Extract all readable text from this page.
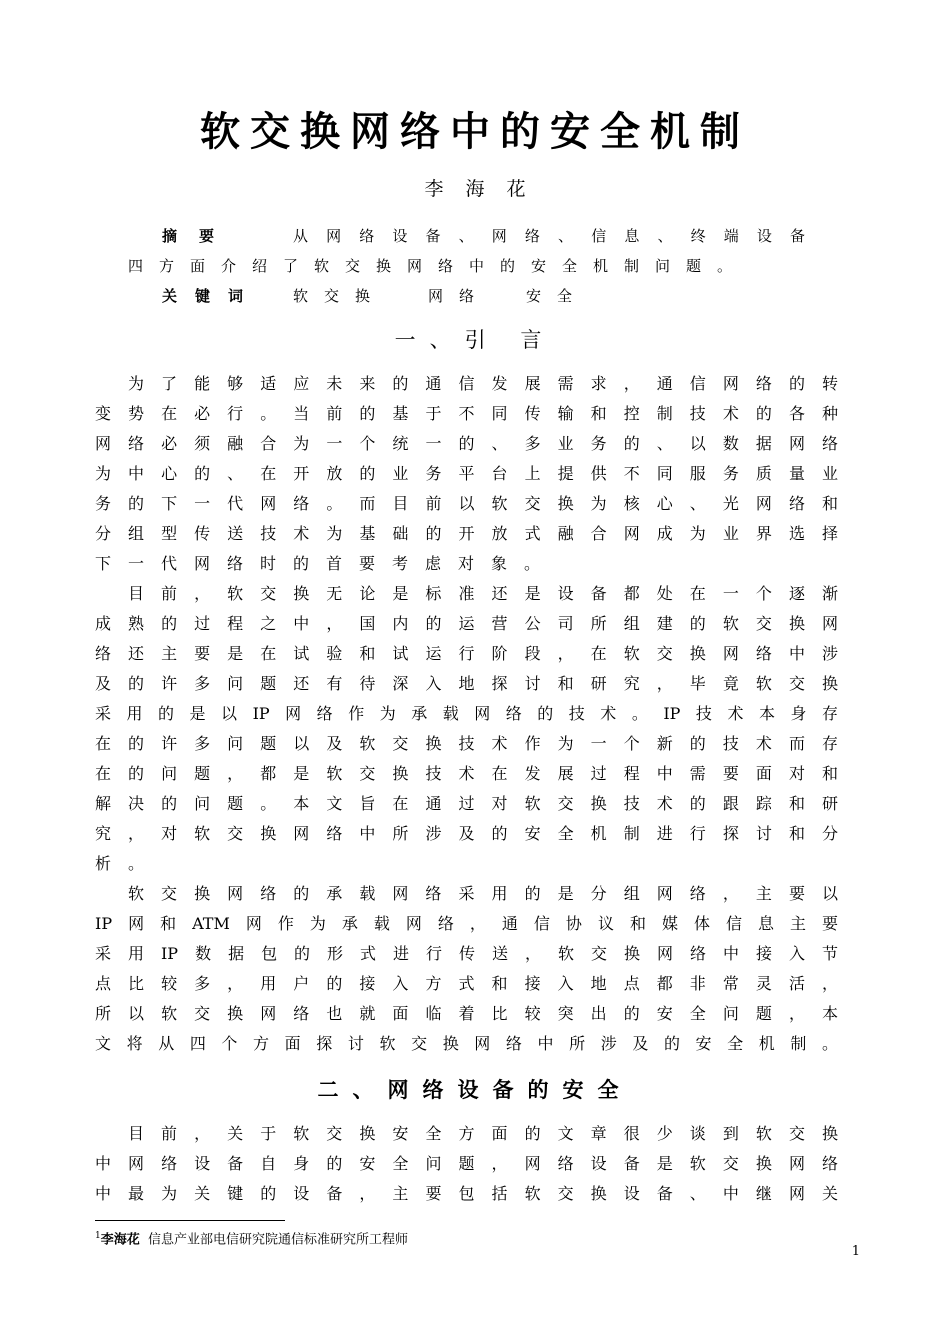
软交换网络中的安全机制
李海花
摘要	从网络设备、网络、信息、终端设备
四方面介绍了软交换网络中的安全机制问题。
关键词 软交换	网络 安全
一、引 言
为了能够适应未来的通信发展需求，通信网络的转
变势在必行。当前的基于不同传输和控制技术的各种
网络必须融合为一个统一的、多业务的、以数据网络
为中心的、在开放的业务平台上提供不同服务质量业
务的下一代网络。而目前以软交换为核心、光网络和
分组型传送技术为基础的开放式融合网成为业界选择
下一代网络时的首要考虑对象。
目前，软交换无论是标准还是设备都处在一个逐渐
成熟的过程之中，国内的运营公司所组建的软交换网
络还主要是在试验和试运行阶段，在软交换网络中涉
及的许多问题还有待深入地探讨和研究，毕竟软交换
采用的是以IP网络作为承载网络的技术。IP技术本身存
在的许多问题以及软交换技术作为一个新的技术而存
在的问题，都是软交换技术在发展过程中需要面对和
解决的问题。本文旨在通过对软交换技术的跟踪和研
究，对软交换网络中所涉及的安全机制进行探讨和分
析。
软交换网络的承载网络采用的是分组网络，主要以
IP网和ATM网作为承载网络，通信协议和媒体信息主要
采用IP数据包的形式进行传送，软交换网络中接入节
点比较多，用户的接入方式和接入地点都非常灵活，
所以软交换网络也就面临着比较突出的安全问题，本
文将从四个方面探讨软交换网络中所涉及的安全机制。
二、网络设备的安全
目前，关于软交换安全方面的文章很少谈到软交换
中网络设备自身的安全问题，网络设备是软交换网络
中最为关键的设备，主要包括软交换设备、中继网关
$^1$李海花 信息产业部电信研究院通信标准研究所工程师
1
